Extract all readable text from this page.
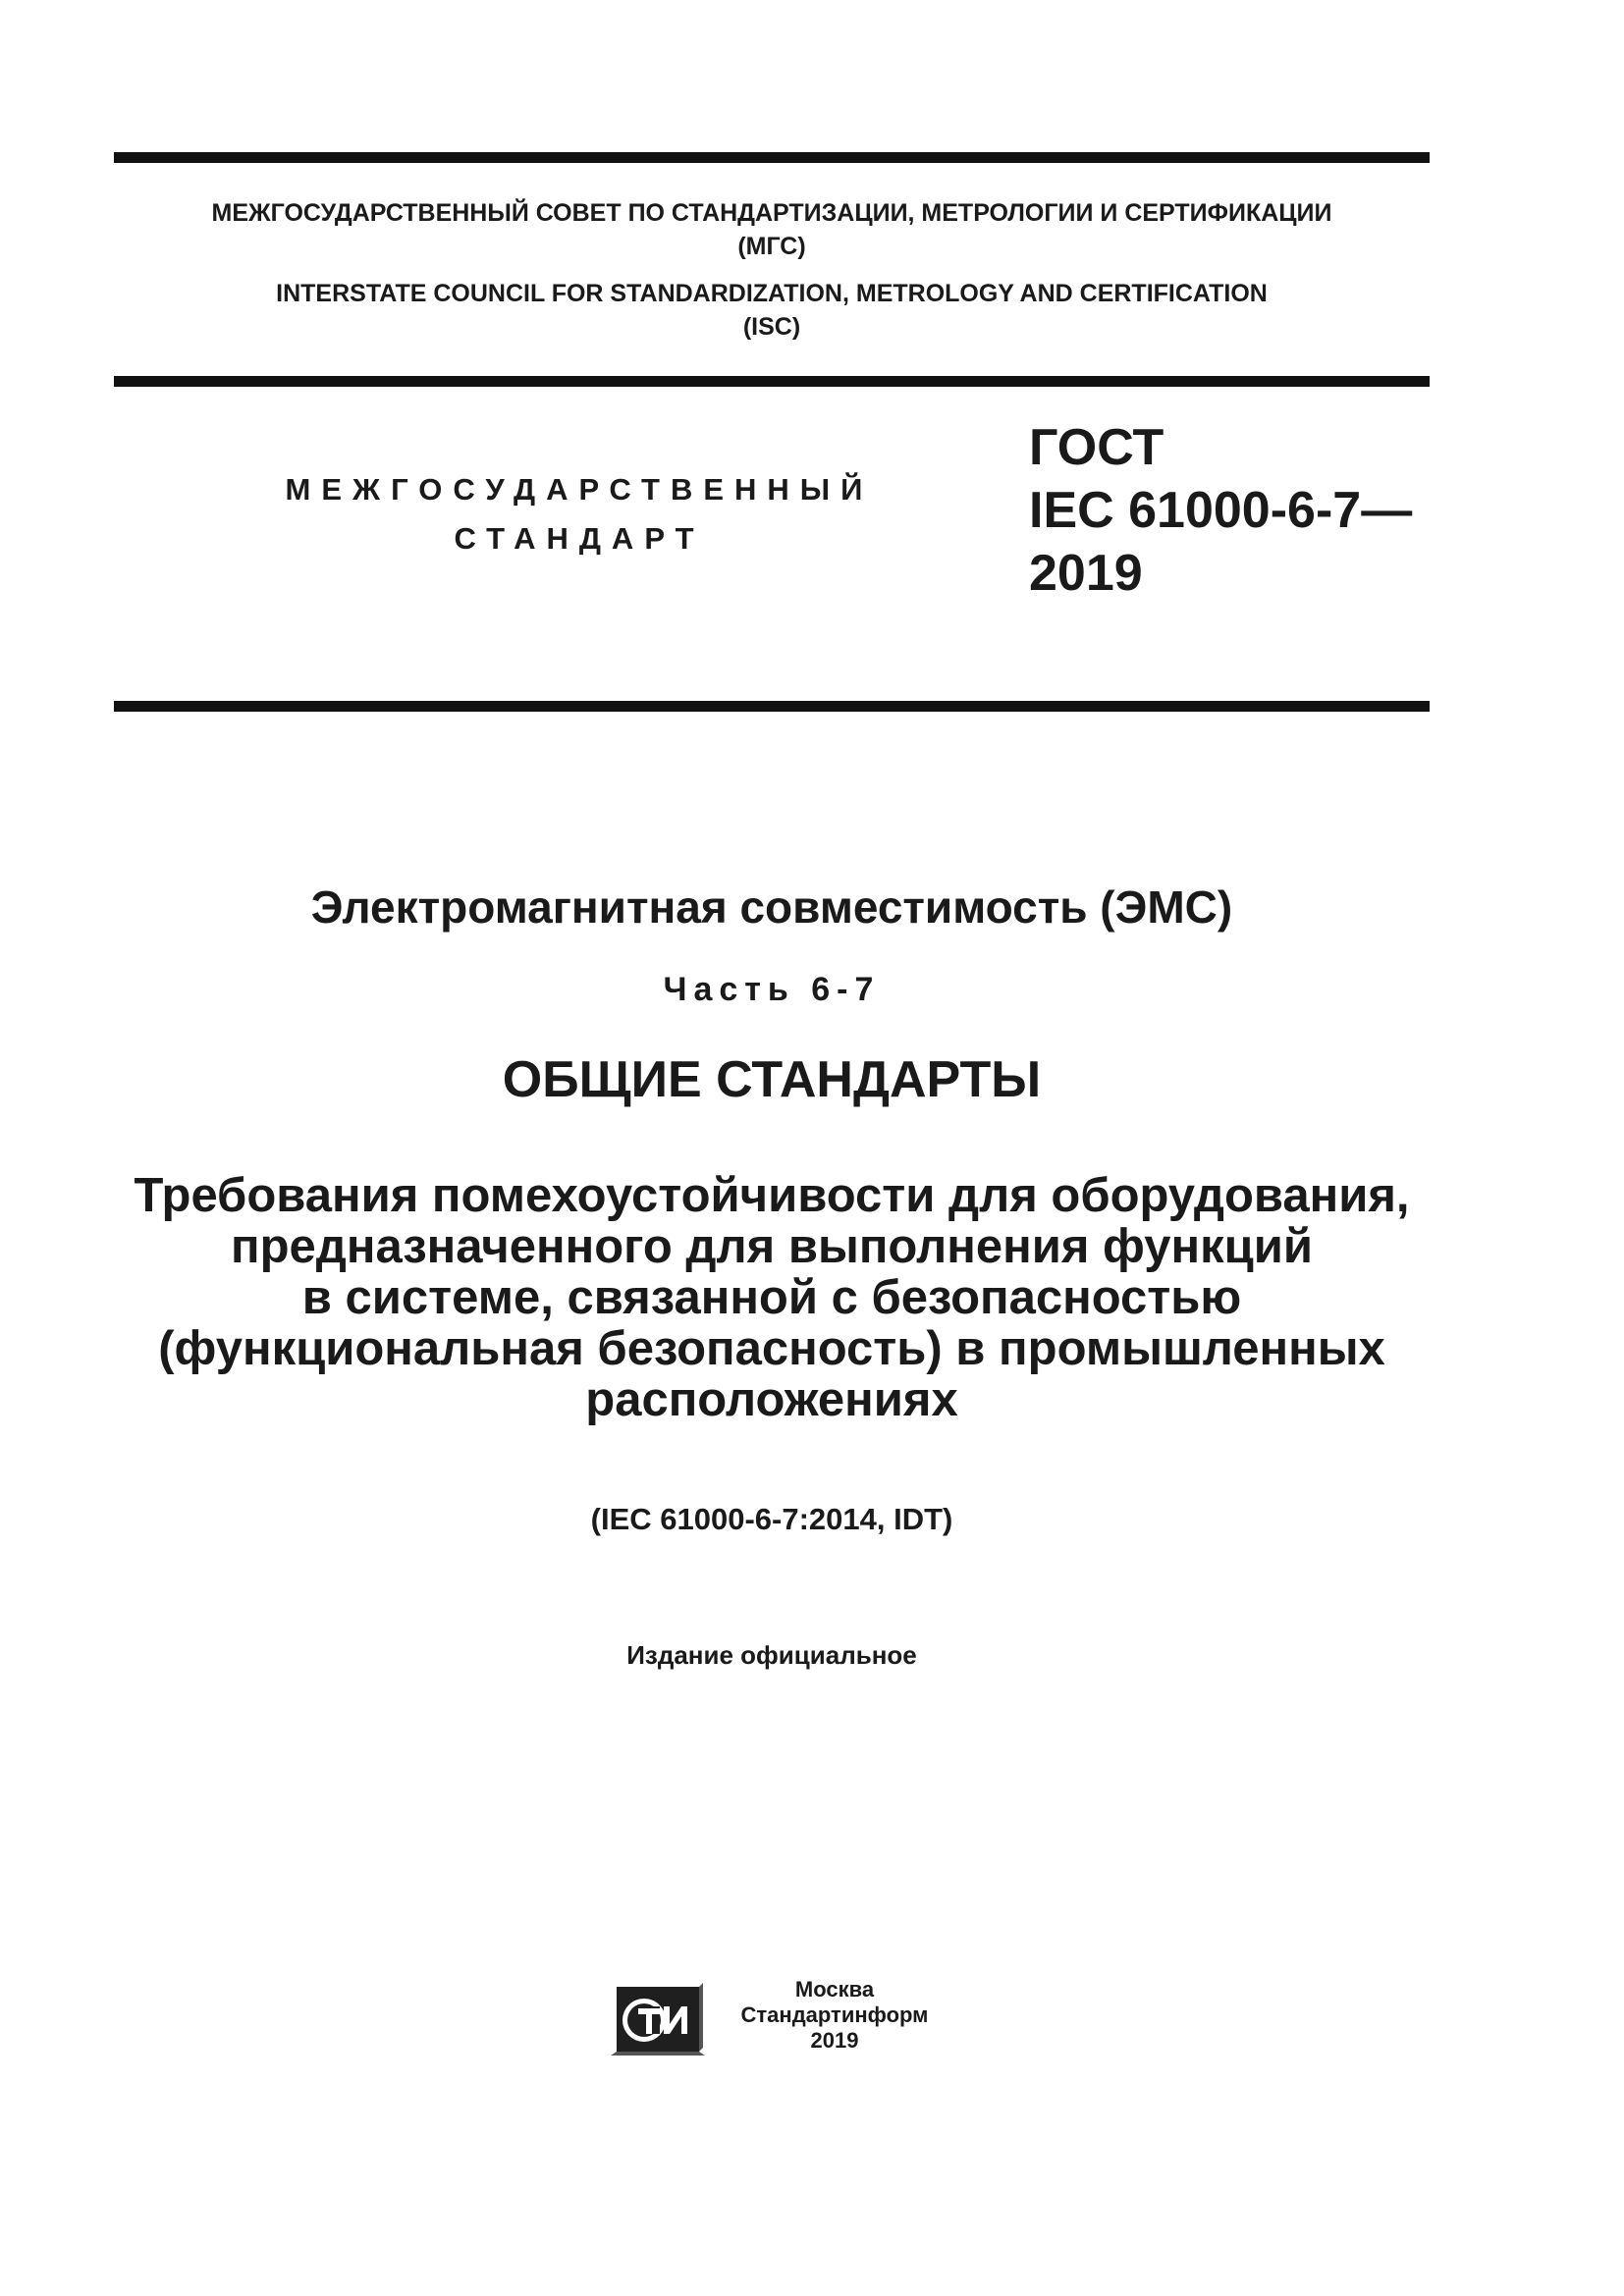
МЕЖГОСУДАРСТВЕННЫЙ СОВЕТ ПО СТАНДАРТИЗАЦИИ, МЕТРОЛОГИИ И СЕРТИФИКАЦИИ
(МГС)
INTERSTATE COUNCIL FOR STANDARDIZATION, METROLOGY AND CERTIFICATION
(ISC)
МЕЖГОСУДАРСТВЕННЫЙ
СТАНДАРТ
ГОСТ
IEC 61000-6-7—
2019
Электромагнитная совместимость (ЭМС)
Часть 6-7
ОБЩИЕ СТАНДАРТЫ
Требования помехоустойчивости для оборудования,
предназначенного для выполнения функций
в системе, связанной с безопасностью
(функциональная безопасность) в промышленных
расположениях
(IEC 61000-6-7:2014, IDT)
Издание официальное
Москва
Стандартинформ
2019
